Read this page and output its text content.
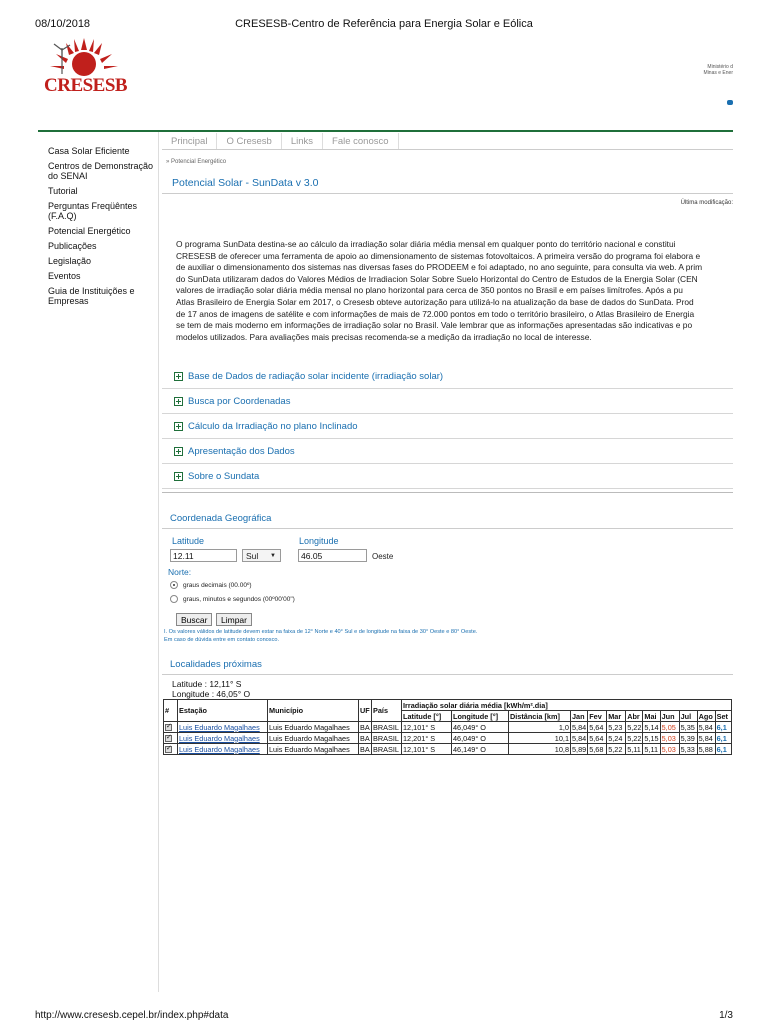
08/10/2018	CRESESB-Centro de Referência para Energia Solar e Eólica
CRESESB
Ministério d
Minas e Ener
Casa Solar Eficiente
Centros de Demonstração do SENAI
Tutorial
Perguntas Freqüêntes (F.A.Q)
Potencial Energético
Publicações
Legislação
Eventos
Guia de Instituições e Empresas
Principal	O Cresesb	Links	Fale conosco
» Potencial Energético
Potencial Solar - SunData v 3.0
Última modificação:

O programa SunData destina-se ao cálculo da irradiação solar diária média mensal em qualquer ponto do território nacional e constitui

CRESESB de oferecer uma ferramenta de apoio ao dimensionamento de sistemas fotovoltaicos. A primeira versão do programa foi elabora e

de auxiliar o dimensionamento dos sistemas nas diversas fases do PRODEEM e foi adaptado, no ano seguinte, para consulta via web. A prim

do SunData utilizaram dados do Valores Médios de Irradiacion Solar Sobre Suelo Horizontal do Centro de Estudos de la Energia Solar (CEN

valores de irradiação solar diária média mensal no plano horizontal para cerca de 350 pontos no Brasil e em países limítrofes. Após a pu

Atlas Brasileiro de Energia Solar em 2017, o Cresesb obteve autorização para utilizá-lo na atualização da base de dados do SunData. Prod

de 17 anos de imagens de satélite e com informações de mais de 72.000 pontos em todo o território brasileiro, o Atlas Brasileiro de Energia

se tem de mais moderno em informações de irradiação solar no Brasil. Vale lembrar que as informações apresentadas são indicativas e po

modelos utilizados. Para avaliações mais precisas recomenda-se a medição da irradiação no local de interesse.

Base de Dados de radiação solar incidente (irradiação solar)
Busca por Coordenadas
Cálculo da Irradiação no plano Inclinado
Apresentação dos Dados
Sobre o Sundata
Coordenada Geográfica
Latitude
12.11
Sul ▼
Longitude
46.05
Oeste
Norte:
graus decimais (00.00º)
graus, minutos e segundos (00º00'00")
Buscar	Limpar
I. Os valores válidos de latitude devem estar na faixa de 12° Norte e 40° Sul e de longitude na faixa de 30° Oeste e 80° Oeste.
Em caso de dúvida entre em contato conosco.
Localidades próximas
Latitude : 12,11° S
Longitude : 46,05° O
#	Estação	Município	UF	País	Irradiação solar diária média [kWh/m².dia]											
					Latitude [°]	Longitude [°]	Distância [km]	Jan	Fev	Mar	Abr	Mai	Jun	Jul	Ago	Set
✓	Luis Eduardo Magalhaes	Luis Eduardo Magalhaes	BA	BRASIL	12,101° S	46,049° O	1,0	5,84	5,64	5,23	5,22	5,14	5,05	5,35	5,84	6,1
✓	Luis Eduardo Magalhaes	Luis Eduardo Magalhaes	BA	BRASIL	12,201° S	46,049° O	10,1	5,84	5,64	5,24	5,22	5,15	5,03	5,39	5,84	6,1
✓	Luis Eduardo Magalhaes	Luis Eduardo Magalhaes	BA	BRASIL	12,101° S	46,149° O	10,8	5,89	5,68	5,22	5,11	5,11	5,03	5,33	5,88	6,1
http://www.cresesb.cepel.br/index.php#data	1/3
